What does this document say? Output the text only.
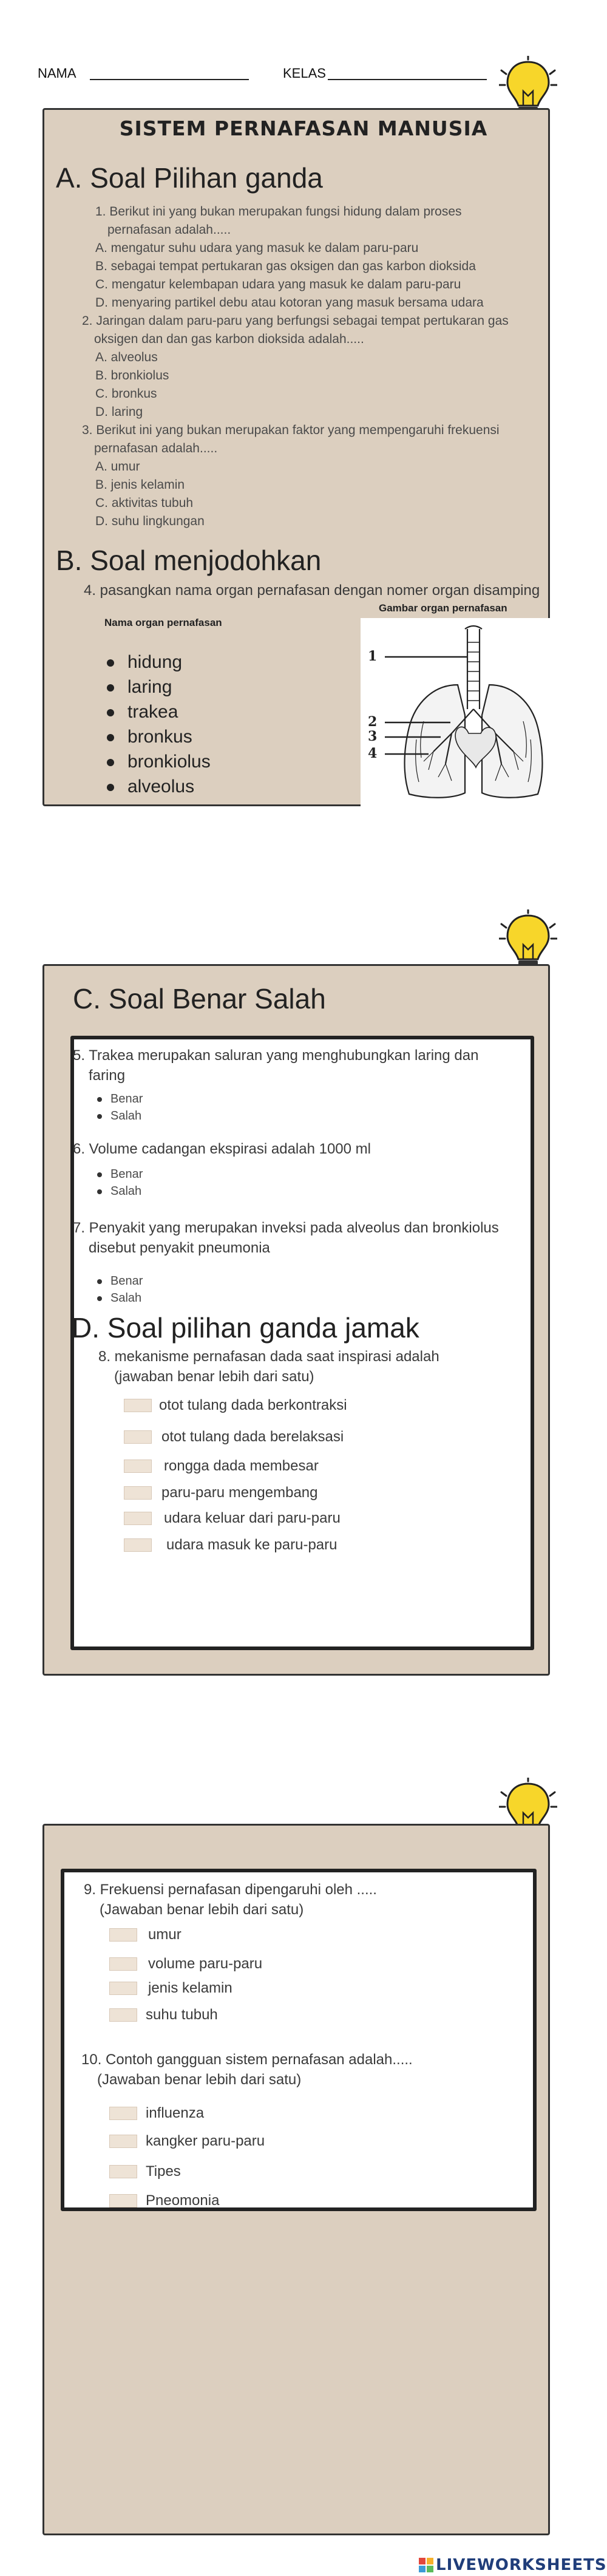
NAMA	KELAS
SISTEM PERNAFASAN MANUSIA
A. Soal Pilihan ganda
1. Berikut ini yang bukan merupakan fungsi hidung dalam proses
pernafasan adalah.....
A. mengatur suhu udara yang masuk ke dalam paru-paru
B. sebagai tempat pertukaran gas oksigen dan gas karbon dioksida
C. mengatur kelembapan udara yang masuk ke dalam paru-paru
D. menyaring partikel debu atau kotoran yang masuk bersama udara
2. Jaringan dalam paru-paru yang berfungsi sebagai tempat pertukaran gas
oksigen dan dan gas karbon dioksida adalah.....
A. alveolus
B. bronkiolus
C. bronkus
D. laring
3. Berikut ini yang bukan merupakan faktor yang mempengaruhi frekuensi
pernafasan adalah.....
A. umur
B. jenis kelamin
C. aktivitas tubuh
D. suhu lingkungan
B. Soal menjodohkan
4. pasangkan nama organ pernafasan dengan nomer organ disamping
Nama organ pernafasan
Gambar organ pernafasan
hidung
laring
trakea
bronkus
bronkiolus
alveolus
1
2
3
4
C. Soal Benar Salah
5. Trakea merupakan saluran yang menghubungkan laring dan
faring
Benar
Salah
6. Volume cadangan ekspirasi adalah 1000 ml
Benar
Salah
7. Penyakit yang merupakan inveksi pada alveolus dan bronkiolus
disebut penyakit pneumonia
Benar
Salah
D. Soal pilihan ganda jamak
8. mekanisme pernafasan dada saat inspirasi adalah
(jawaban benar lebih dari satu)
otot tulang dada berkontraksi
otot tulang dada berelaksasi
rongga dada membesar
paru-paru mengembang
udara keluar dari paru-paru
udara masuk ke paru-paru
9. Frekuensi pernafasan dipengaruhi oleh .....
(Jawaban benar lebih dari satu)
umur
volume paru-paru
jenis kelamin
suhu tubuh
10. Contoh gangguan sistem pernafasan adalah.....
(Jawaban benar lebih dari satu)
influenza
kangker paru-paru
Tipes
Pneomonia
LIVEWORKSHEETS
